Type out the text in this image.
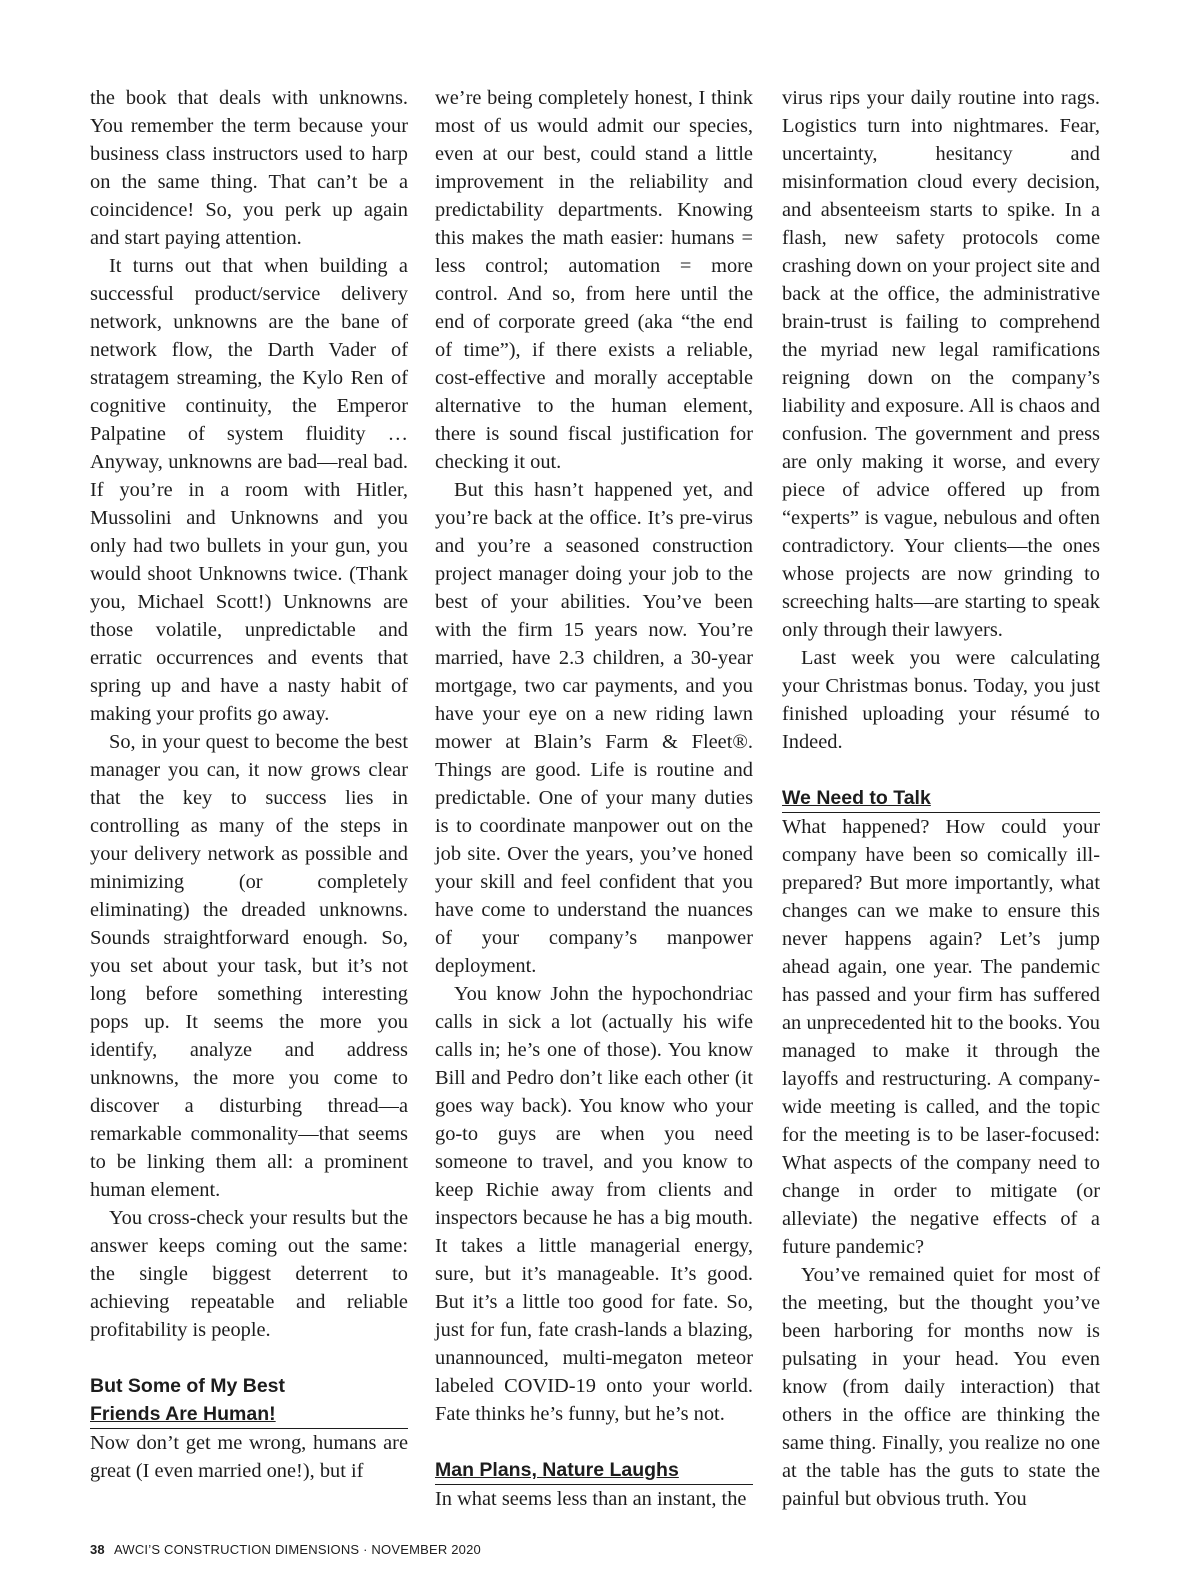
the book that deals with unknowns. You remember the term because your business class instructors used to harp on the same thing. That can’t be a coincidence! So, you perk up again and start paying attention.

It turns out that when building a successful product/service delivery network, unknowns are the bane of network flow, the Darth Vader of stratagem streaming, the Kylo Ren of cognitive continuity, the Emperor Palpatine of system fluidity … Anyway, unknowns are bad—real bad. If you’re in a room with Hitler, Mussolini and Unknowns and you only had two bullets in your gun, you would shoot Unknowns twice. (Thank you, Michael Scott!) Unknowns are those volatile, unpredictable and erratic occurrences and events that spring up and have a nasty habit of making your profits go away.

So, in your quest to become the best manager you can, it now grows clear that the key to success lies in controlling as many of the steps in your delivery network as possible and minimizing (or completely eliminating) the dreaded unknowns. Sounds straightforward enough. So, you set about your task, but it’s not long before something interesting pops up. It seems the more you identify, analyze and address unknowns, the more you come to discover a disturbing thread—a remarkable commonality—that seems to be linking them all: a prominent human element.

You cross-check your results but the answer keeps coming out the same: the single biggest deterrent to achieving repeatable and reliable profitability is people.

But Some of My Best
Friends Are Human!

Now don’t get me wrong, humans are great (I even married one!), but if

we’re being completely honest, I think most of us would admit our species, even at our best, could stand a little improvement in the reliability and predictability departments. Knowing this makes the math easier: humans = less control; automation = more control. And so, from here until the end of corporate greed (aka “the end of time”), if there exists a reliable, cost-effective and morally acceptable alternative to the human element, there is sound fiscal justification for checking it out.

But this hasn’t happened yet, and you’re back at the office. It’s pre-virus and you’re a seasoned construction project manager doing your job to the best of your abilities. You’ve been with the firm 15 years now. You’re married, have 2.3 children, a 30-year mortgage, two car payments, and you have your eye on a new riding lawn mower at Blain’s Farm & Fleet®. Things are good. Life is routine and predictable. One of your many duties is to coordinate manpower out on the job site. Over the years, you’ve honed your skill and feel confident that you have come to understand the nuances of your company’s manpower deployment.

You know John the hypochondriac calls in sick a lot (actually his wife calls in; he’s one of those). You know Bill and Pedro don’t like each other (it goes way back). You know who your go-to guys are when you need someone to travel, and you know to keep Richie away from clients and inspectors because he has a big mouth. It takes a little managerial energy, sure, but it’s manageable. It’s good. But it’s a little too good for fate. So, just for fun, fate crash-lands a blazing, unannounced, multi-megaton meteor labeled COVID-19 onto your world. Fate thinks he’s funny, but he’s not.

Man Plans, Nature Laughs

In what seems less than an instant, the

virus rips your daily routine into rags. Logistics turn into nightmares. Fear, uncertainty, hesitancy and misinformation cloud every decision, and absenteeism starts to spike. In a flash, new safety protocols come crashing down on your project site and back at the office, the administrative brain-trust is failing to comprehend the myriad new legal ramifications reigning down on the company’s liability and exposure. All is chaos and confusion. The government and press are only making it worse, and every piece of advice offered up from “experts” is vague, nebulous and often contradictory. Your clients—the ones whose projects are now grinding to screeching halts—are starting to speak only through their lawyers.

Last week you were calculating your Christmas bonus. Today, you just finished uploading your résumé to Indeed.

We Need to Talk

What happened? How could your company have been so comically ill-prepared? But more importantly, what changes can we make to ensure this never happens again? Let’s jump ahead again, one year. The pandemic has passed and your firm has suffered an unprecedented hit to the books. You managed to make it through the layoffs and restructuring. A company-wide meeting is called, and the topic for the meeting is to be laser-focused: What aspects of the company need to change in order to mitigate (or alleviate) the negative effects of a future pandemic?

You’ve remained quiet for most of the meeting, but the thought you’ve been harboring for months now is pulsating in your head. You even know (from daily interaction) that others in the office are thinking the same thing. Finally, you realize no one at the table has the guts to state the painful but obvious truth. You

38 AWCI’S CONSTRUCTION DIMENSIONS · NOVEMBER 2020
